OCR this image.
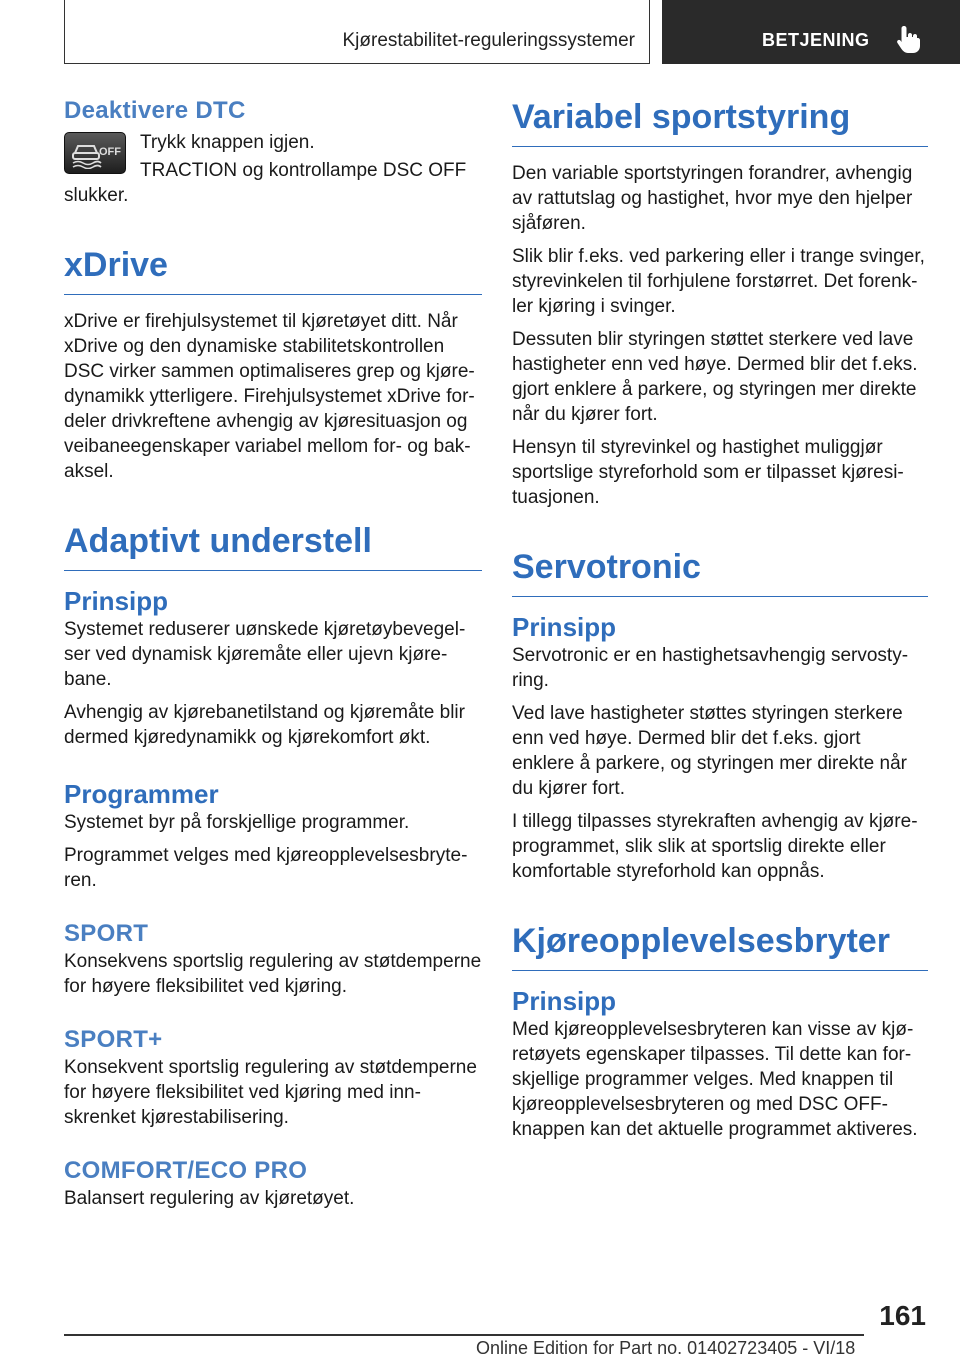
Kjørestabilitet-reguleringssystemer	BETJENING
Deaktivere DTC
OFF Trykk knappen igjen.

TRACTION og kontrollampe DSC OFF slukker.

xDrive

xDrive er firehjulsystemet til kjøretøyet ditt. Når xDrive og den dynamiske stabilitetskontrollen DSC virker sammen optimaliseres grep og kjøredynamikk ytterligere. Firehjulsystemet xDrive fordeler drivkreftene avhengig av kjøresituasjon og veibaneegenskaper variabel mellom for- og bakaksel.

Adaptivt understell
Prinsipp

Systemet reduserer uønskede kjøretøybevegelser ved dynamisk kjøremåte eller ujevn kjørebane.

Avhengig av kjørebanetilstand og kjøremåte blir dermed kjøredynamikk og kjørekomfort økt.

Programmer

Systemet byr på forskjellige programmer.

Programmet velges med kjøreopplevelsesbryteren.

SPORT

Konsekvens sportslig regulering av støtdemperne for høyere fleksibilitet ved kjøring.

SPORT+

Konsekvent sportslig regulering av støtdemperne for høyere fleksibilitet ved kjøring med innskrenket kjørestabilisering.

COMFORT/ECO PRO

Balansert regulering av kjøretøyet.

Variabel sportstyring

Den variable sportstyringen forandrer, avhengig av rattutslag og hastighet, hvor mye den hjelper sjåføren.

Slik blir f.eks. ved parkering eller i trange svinger, styrevinkelen til forhjulene forstørret. Det forenkler kjøring i svinger.

Dessuten blir styringen støttet sterkere ved lave hastigheter enn ved høye. Dermed blir det f.eks. gjort enklere å parkere, og styringen mer direkte når du kjører fort.

Hensyn til styrevinkel og hastighet muliggjør sportslige styreforhold som er tilpasset kjøresituasjonen.

Servotronic
Prinsipp

Servotronic er en hastighetsavhengig servostyring.

Ved lave hastigheter støttes styringen sterkere enn ved høye. Dermed blir det f.eks. gjort enklere å parkere, og styringen mer direkte når du kjører fort.

I tillegg tilpasses styrekraften avhengig av kjøreprogrammet, slik slik at sportslig direkte eller komfortable styreforhold kan oppnås.

Kjøreopplevelsesbryter
Prinsipp

Med kjøreopplevelsesbryteren kan visse av kjøretøyets egenskaper tilpasses. Til dette kan forskjellige programmer velges. Med knappen til kjøreopplevelsesbryteren og med DSC OFF-knappen kan det aktuelle programmet aktiveres.

161
Online Edition for Part no. 01402723405 - VI/18
